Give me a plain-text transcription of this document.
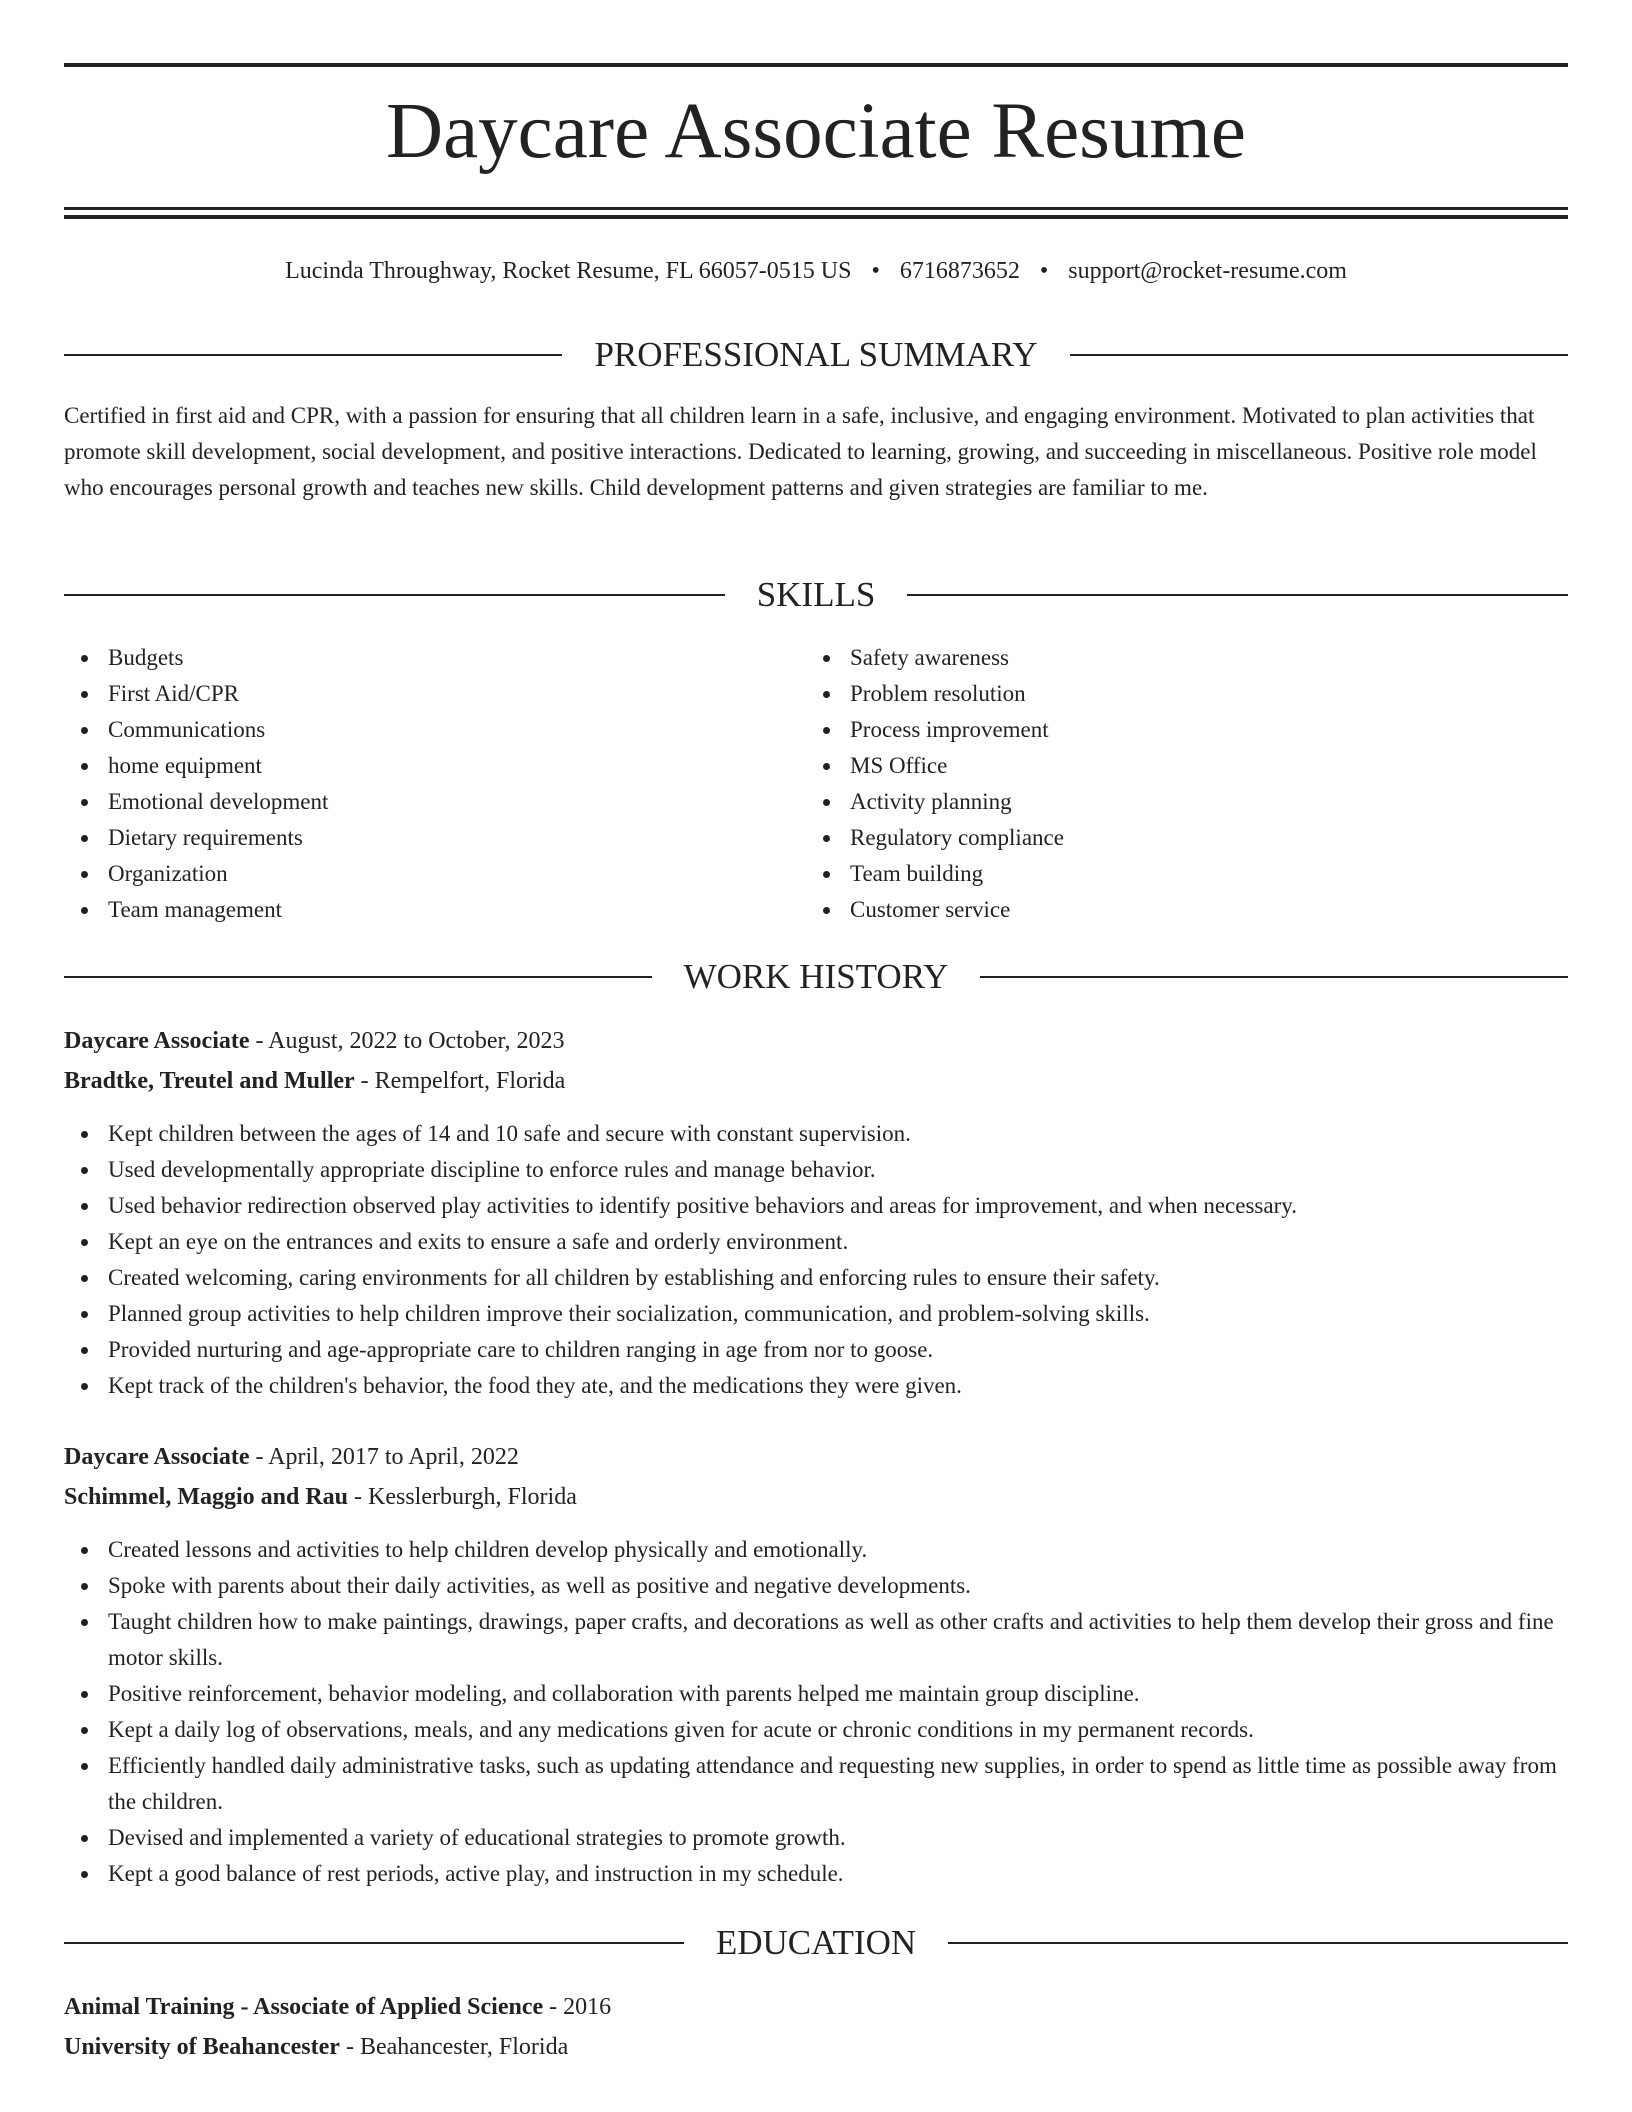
Daycare Associate Resume
Lucinda Throughway, Rocket Resume, FL 66057-0515 US • 6716873652 • support@rocket-resume.com
PROFESSIONAL SUMMARY

Certified in first aid and CPR, with a passion for ensuring that all children learn in a safe, inclusive, and engaging environment. Motivated to plan activities that promote skill development, social development, and positive interactions. Dedicated to learning, growing, and succeeding in miscellaneous. Positive role model who encourages personal growth and teaches new skills. Child development patterns and given strategies are familiar to me.

SKILLS
Budgets
First Aid/CPR
Communications
home equipment
Emotional development
Dietary requirements
Organization
Team management
Safety awareness
Problem resolution
Process improvement
MS Office
Activity planning
Regulatory compliance
Team building
Customer service
WORK HISTORY
Daycare Associate - August, 2022 to October, 2023
Bradtke, Treutel and Muller - Rempelfort, Florida
Kept children between the ages of 14 and 10 safe and secure with constant supervision.
Used developmentally appropriate discipline to enforce rules and manage behavior.
Used behavior redirection observed play activities to identify positive behaviors and areas for improvement, and when necessary.
Kept an eye on the entrances and exits to ensure a safe and orderly environment.
Created welcoming, caring environments for all children by establishing and enforcing rules to ensure their safety.
Planned group activities to help children improve their socialization, communication, and problem-solving skills.
Provided nurturing and age-appropriate care to children ranging in age from nor to goose.
Kept track of the children's behavior, the food they ate, and the medications they were given.
Daycare Associate - April, 2017 to April, 2022
Schimmel, Maggio and Rau - Kesslerburgh, Florida
Created lessons and activities to help children develop physically and emotionally.
Spoke with parents about their daily activities, as well as positive and negative developments.
Taught children how to make paintings, drawings, paper crafts, and decorations as well as other crafts and activities to help them develop their gross and fine motor skills.
Positive reinforcement, behavior modeling, and collaboration with parents helped me maintain group discipline.
Kept a daily log of observations, meals, and any medications given for acute or chronic conditions in my permanent records.
Efficiently handled daily administrative tasks, such as updating attendance and requesting new supplies, in order to spend as little time as possible away from the children.
Devised and implemented a variety of educational strategies to promote growth.
Kept a good balance of rest periods, active play, and instruction in my schedule.
EDUCATION
Animal Training - Associate of Applied Science - 2016
University of Beahancester - Beahancester, Florida
